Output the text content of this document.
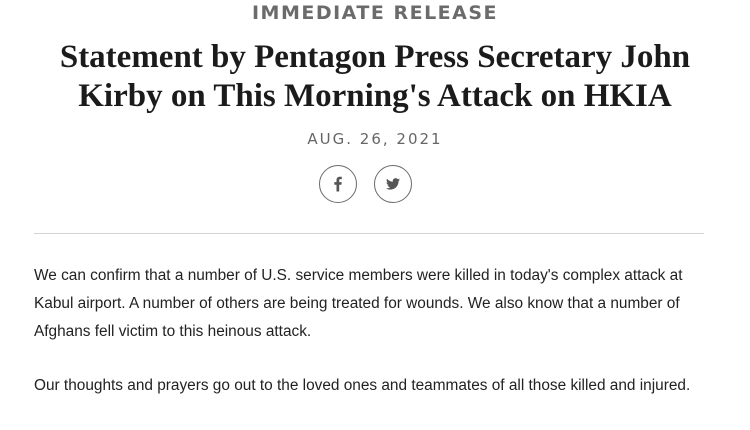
IMMEDIATE RELEASE
Statement by Pentagon Press Secretary John
Kirby on This Morning's Attack on HKIA
AUG. 26, 2021

We can confirm that a number of U.S. service members were killed in today's complex attack at Kabul airport. A number of others are being treated for wounds. We also know that a number of Afghans fell victim to this heinous attack.

Our thoughts and prayers go out to the loved ones and teammates of all those killed and injured.
